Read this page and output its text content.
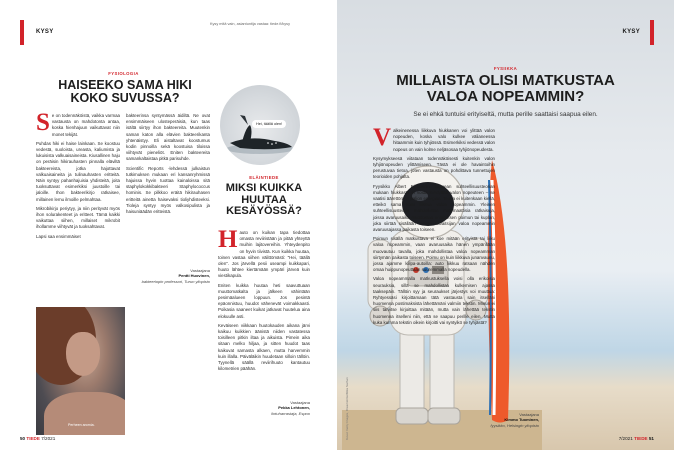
KYSY
Kysy mitä vain, asiantuntija vastaa: tiede.fi/kysy
FYSIOLOGIA
HAISEEKO SAMA HIKI KOKO SUVUSSA?

Se on todennäköistä, vaikka varmaa vastausta on mahdotonta antaa, koska hienhajuun vaikuttavat niin monet tekijät.

Puhdas hiki ei haise lainkaan. Se koostuu vedestä, suoloista, ureasta, kaliumista ja lukuisista valkuaisaineista. Kiusallinen haju on peräisin hikirauhasten pinnalla eläviltä bakteereista, jotka hajottavat valkuaisaineita ja tulinauhasten eritteitä. Näin syntyy pahanhajuisia yhdisteitä, joita tuoksuttavat esimerkiksi juustoille tai jaloille. Ihon bakteerikirjo ratkaisee, millainen lemu ilmoille pelmahtaa.

Mikrobikirjo periytyy, ja niin perityvät myös ihon solurakenteet ja eritteet. Tämä kaikki vaikuttaa siihen, millaiset mikrobit ihollamme viihtyvät ja tuoksahtavat.

Lapsi saa ensimmäiset

bakteerinsa syntymässä äidiltä. Ne ovat ensimmäiseen ulosteperäisiä, kun taas isältä siirtyy ihon bakteereita. Muutenkin saman katon alla elävien bakteerikanta yhtenäistyy. Eli aistaltavat koostumus kodin pinnoilla sekä koostuisa tiloissa viihtyvät pieneliöt. Eniten bakteereita samankaltaistaa pitkä parisuhde.

Scientific Reports -lehdessä julkaistun tutkimuksen mukaan eri kansanryhmissä hajuissa hyvin tuottaa kainaloissa sitä staphylokokkibakteeri Staphylococcus hominis. Se pilkkoo eräitä hikirauhasen eritteitä ainetta haisevaksi tioliyhdisteeksi. Tioleja syntyy myös valkosipulista ja haisuniäädän eritteistä.

Vastaajana
Pentti Huovinen,
bakteeriopin professori, Turun yliopisto
Perheen aromia.
Hei, täällä olen!
ELÄINTIEDE
MIKSI KUIKKA HUUTAA KESÄYÖSSÄ?

Hauto on kuikan tapa tiedottaa omasta reviiristään ja pitää yhteyttä muihin lajitovereihin. Yhteydenpito on hyvin tiivistä. Kun kuikka huutaa, toinen vastaa siihen välittömästi: "Hei, täällä olen". Jos järvellä pesii useampi kuikkapari, huuto lähtee kiertämään ympäri järveä kuin viestikapula.

Eniten kuikka huutaa heti saavuttuaan muuttomatkalta ja jälkeen vähintään pesimäalueen loppuun. Jos pesintä epäonnistuu, huudot vähenevät voimakkaasti. Poikasia saaneet kuikat jatkavat huutelua aina elokuulle asti.

Keväiseen viikkaan huutokauden aikana järvi kaikuu kuikkien äänistä niiden vastatessa toisilleen pitkin iltaa ja aikuista. Pimein aika sitaan melko hiljaa, ja sitten huudot taas kaikuvat samasta alkaen, mutta harvemmin kuin illalla. Päiväläikin huudetaan silloin tällöin. Tyynellä säällä reviirihuuto kantautuu kilometrien päähän.

Vastaajana
Pekka Lehtonen,
lintuharrastaja, Espoo
50 TIEDE 7/2021
KYSY
FYSIIKKA
MILLAISTA OLISI MATKUSTAA VALOA NOPEAMMIN?
Se ei ehkä tuntuisi erityiseltä, mutta perille saattaisi saapua eilen.
Kuvat: Getty Images, Dreamstime/Mika Sarhan

Valkeinenessa liikkuva hiukkanen voi ylittää valon nopeuden, koska valo kulkee välianeessa hitaammin kuin tyhjiössä. Esimerkiksi vedessä valon nopeus on vain kolme neljäsosaa tyhjiönopeudesta.

Kysymykseesä viitataan todennäköisesti kuitenkin valon tyhjiönopeuden ylittämiseen. Tästä ei ole havaintoihin perustuvaa tietoa, joten vastausta on pohdittava tunnettujen teorioiden pohjalta.

Fyysikko Albert Einsteinin suppean suhteellisuusteorian mukaan hiukkasta ei voida kiihdyttää valon nopeuteen – se vaatisi äärettömän paljon energiaa. Teoria ei kuitenkaan kiellä, etteikö sama voisi liikkua valoa nopeammin. Yleinen suhteellisuusteoria mahdollistaa matemaattisia ratkaisuja, joissa avaruusaika muodostaa erilaisiksen poimun tai kuplan, joka siirtää sisällään olevan havaitsijan valoa nopeammin avaruusajassa paikasta toiseen.

Poimun sisällä matkustava ei koe mitään erityistä tai liiku valoa nopeammin, vaan avaruusaika hänen ympärillään muovautuu tavalla, joka mahdollistaa valoa nopeamman siirtymän paikasta toiseen. Poimu on kuin liikkuva junanvaunu, jossa ajamme kiilpa-autoilla: auto liikkuu ratsaan nähden omaa huippunopeuttaan suuremmalla nopeudella.

Valoa nopeammalla matkustuksella voisi olla erikoisia seurauksia, sillä se mahdollistaa kulkemisen ajassa taaksepäin. Tällöin syy ja seuraukset järjestys voi muuttua: Ryhtyessäsi kirjoittamaan tätä vastausta sain itselläni huomenna postimaksista lähettämäni valmiin tekstin. Minun ei siis tarvitse kirjoittaa mitään, mutta vain lähettää tekstin huomenna itselleni niin, että se saapuu perille eilen. Mutta kuka kumma tekstin oikein kirjoitti vai syntyikö se tyhjästä?

Vastaajana
Kimmo Tuominen,
fyysikko, Helsingin yliopisto
7/2021 TIEDE 51
